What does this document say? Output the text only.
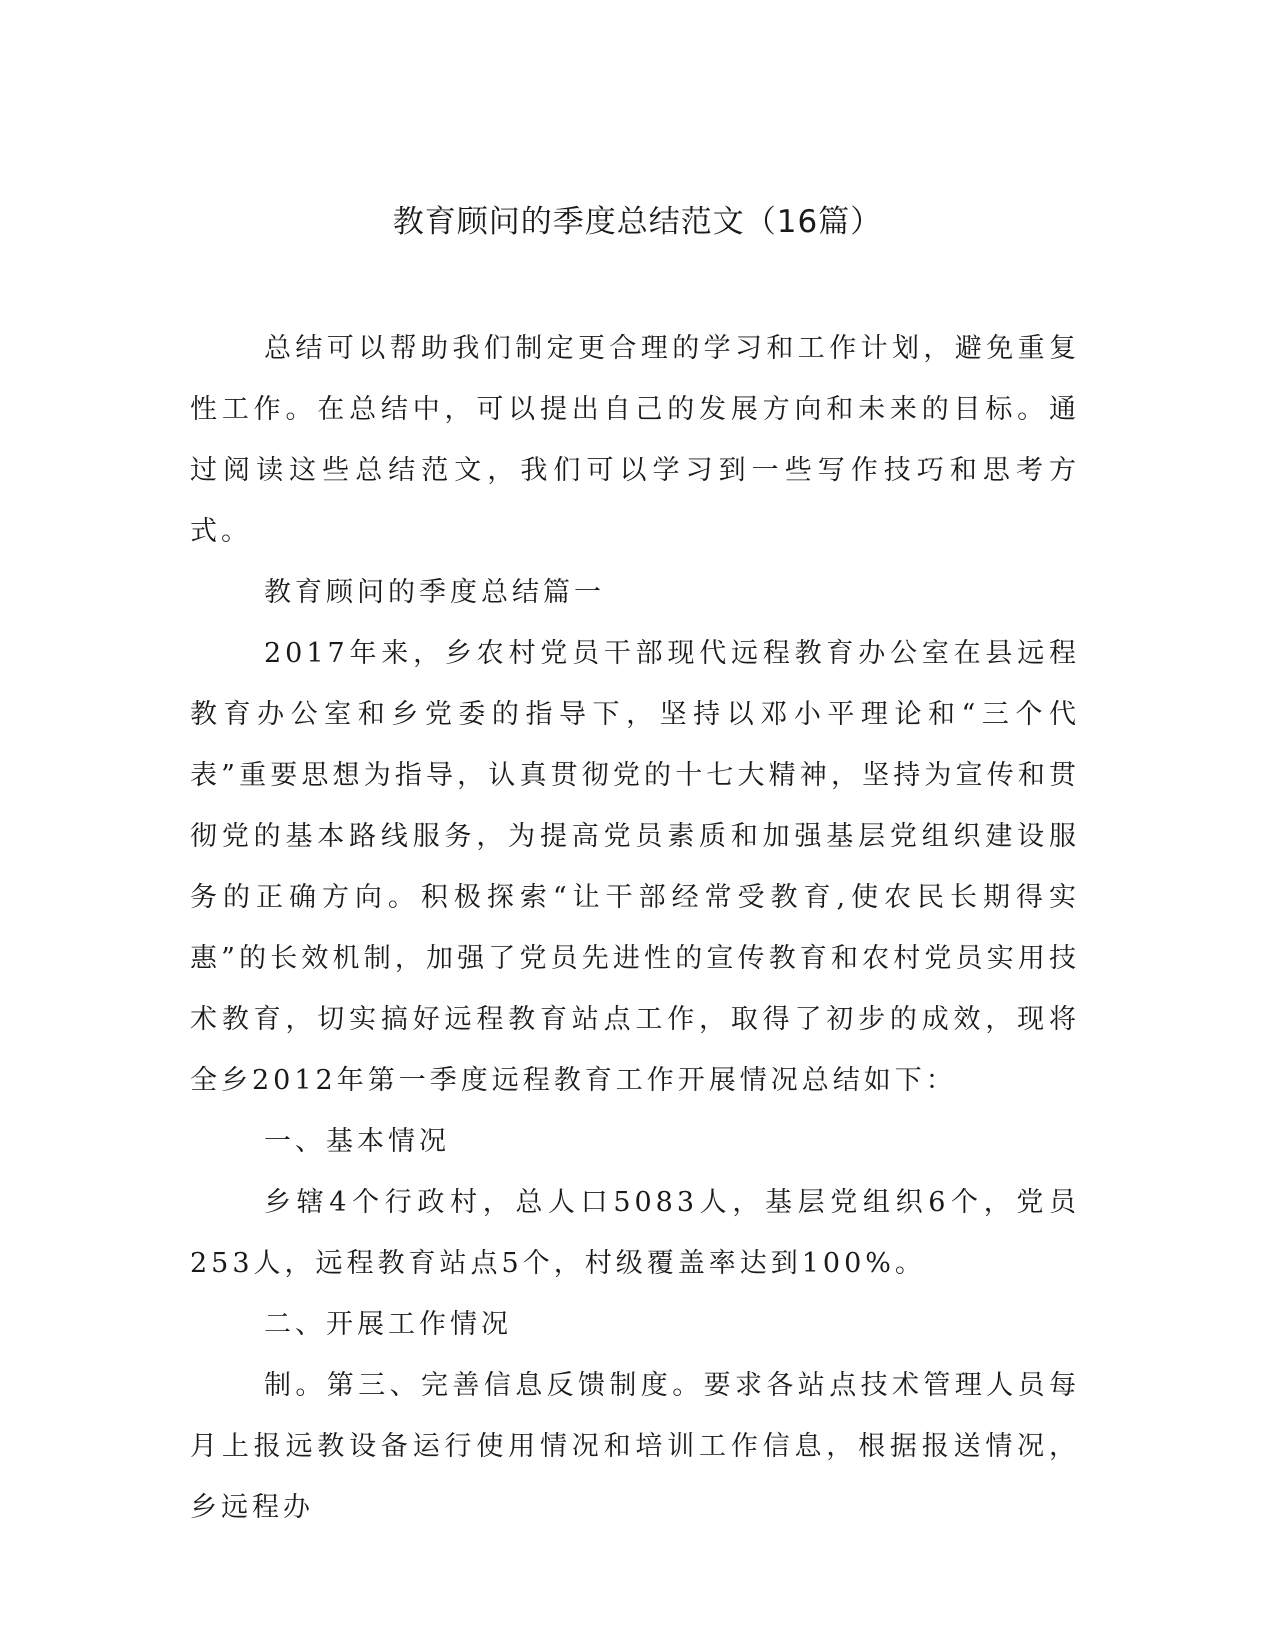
教育顾问的季度总结范文（16篇）

总结可以帮助我们制定更合理的学习和工作计划，避免重复性工作。在总结中，可以提出自己的发展方向和未来的目标。通过阅读这些总结范文，我们可以学习到一些写作技巧和思考方式。

教育顾问的季度总结篇一

2017年来，乡农村党员干部现代远程教育办公室在县远程教育办公室和乡党委的指导下，坚持以邓小平理论和“三个代表”重要思想为指导，认真贯彻党的十七大精神，坚持为宣传和贯彻党的基本路线服务，为提高党员素质和加强基层党组织建设服务的正确方向。积极探索“让干部经常受教育,使农民长期得实惠”的长效机制，加强了党员先进性的宣传教育和农村党员实用技术教育，切实搞好远程教育站点工作，取得了初步的成效，现将全乡2012年第一季度远程教育工作开展情况总结如下：

一、基本情况

乡辖4个行政村，总人口5083人，基层党组织6个，党员253人，远程教育站点5个，村级覆盖率达到100%。

二、开展工作情况

制。第三、完善信息反馈制度。要求各站点技术管理人员每月上报远教设备运行使用情况和培训工作信息，根据报送情况，乡远程办
